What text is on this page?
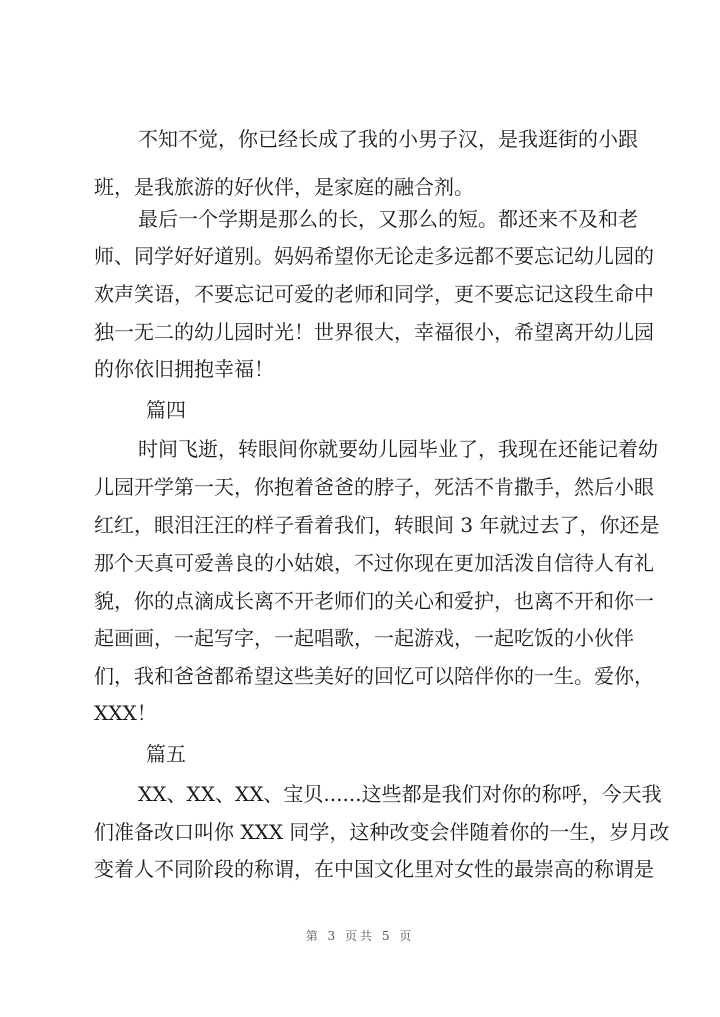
不知不觉，你已经长成了我的小男子汉，是我逛街的小跟

班，是我旅游的好伙伴，是家庭的融合剂。

最后一个学期是那么的长，又那么的短。都还来不及和老

师、同学好好道别。妈妈希望你无论走多远都不要忘记幼儿园的

欢声笑语，不要忘记可爱的老师和同学，更不要忘记这段生命中

独一无二的幼儿园时光！世界很大，幸福很小，希望离开幼儿园

的你依旧拥抱幸福！

篇四

时间飞逝，转眼间你就要幼儿园毕业了，我现在还能记着幼

儿园开学第一天，你抱着爸爸的脖子，死活不肯撒手，然后小眼

红红，眼泪汪汪的样子看着我们，转眼间 3 年就过去了，你还是

那个天真可爱善良的小姑娘，不过你现在更加活泼自信待人有礼

貌，你的点滴成长离不开老师们的关心和爱护，也离不开和你一

起画画，一起写字，一起唱歌，一起游戏，一起吃饭的小伙伴

们，我和爸爸都希望这些美好的回忆可以陪伴你的一生。爱你，

XXX！

篇五

XX、XX、XX、宝贝......这些都是我们对你的称呼，今天我

们准备改口叫你 XXX 同学，这种改变会伴随着你的一生，岁月改

变着人不同阶段的称谓，在中国文化里对女性的最崇高的称谓是

第 3 页共 5 页
